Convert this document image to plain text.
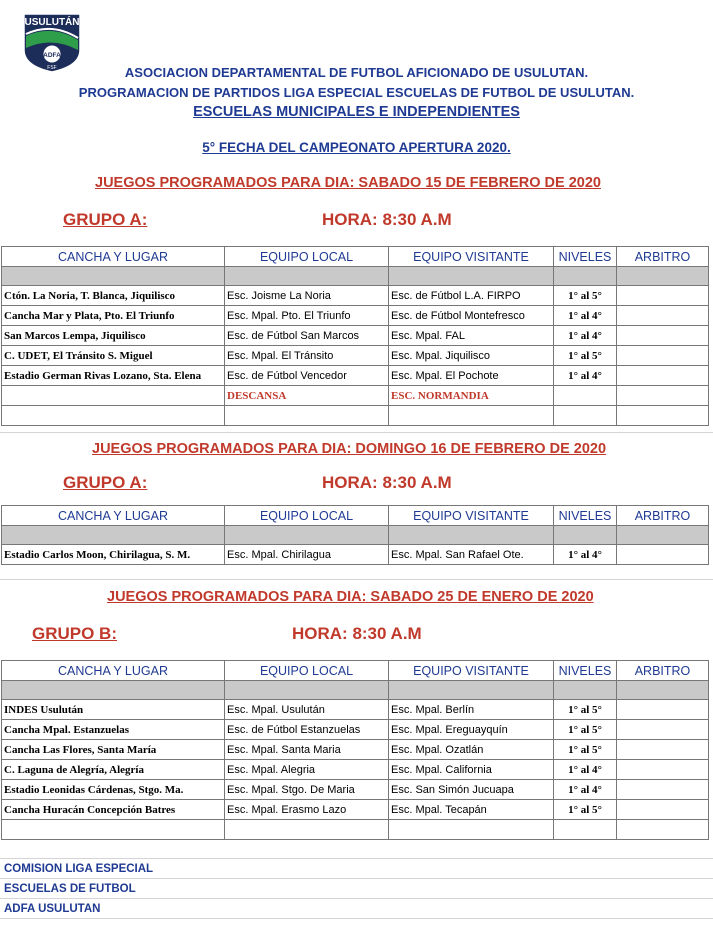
USULUTÁN
ADFA
FSF	ASOCIACION DEPARTAMENTAL DE FUTBOL AFICIONADO DE USULUTAN.
PROGRAMACION DE PARTIDOS LIGA ESPECIAL ESCUELAS DE FUTBOL DE USULUTAN.
ESCUELAS MUNICIPALES E INDEPENDIENTES
5° FECHA DEL CAMPEONATO APERTURA 2020.
JUEGOS PROGRAMADOS PARA DIA: SABADO 15 DE FEBRERO DE 2020
GRUPO A:	HORA: 8:30 A.M
CANCHA Y LUGAR	EQUIPO LOCAL	EQUIPO VISITANTE	NIVELES	ARBITRO

Ctón. La Noria, T. Blanca, Jiquilisco	Esc. Joisme La Noria	Esc. de Fútbol L.A. FIRPO	1° al 5°	
Cancha Mar y Plata, Pto. El Triunfo	Esc. Mpal. Pto. El Triunfo	Esc. de Fútbol Montefresco	1° al 4°	
San Marcos Lempa, Jiquilisco	Esc. de Fútbol San Marcos	Esc. Mpal. FAL	1° al 4°	
C. UDET, El Tránsito S. Miguel	Esc. Mpal. El Tránsito	Esc. Mpal. Jiquilisco	1° al 5°	
Estadio German Rivas Lozano, Sta. Elena	Esc. de Fútbol Vencedor	Esc. Mpal. El Pochote	1° al 4°	
	DESCANSA	ESC. NORMANDIA		

JUEGOS PROGRAMADOS PARA DIA: DOMINGO 16 DE FEBRERO DE 2020
GRUPO A:	HORA: 8:30 A.M
CANCHA Y LUGAR	EQUIPO LOCAL	EQUIPO VISITANTE	NIVELES	ARBITRO

Estadio Carlos Moon, Chirilagua, S. M.	Esc. Mpal. Chirilagua	Esc. Mpal. San Rafael Ote.	1° al 4°	
JUEGOS PROGRAMADOS PARA DIA: SABADO 25 DE ENERO DE 2020
GRUPO B:	HORA: 8:30 A.M
CANCHA Y LUGAR	EQUIPO LOCAL	EQUIPO VISITANTE	NIVELES	ARBITRO

INDES Usulután	Esc. Mpal. Usulután	Esc. Mpal. Berlín	1° al 5°	
Cancha Mpal. Estanzuelas	Esc. de Fútbol Estanzuelas	Esc. Mpal. Ereguayquín	1° al 5°	
Cancha Las Flores, Santa María	Esc. Mpal. Santa Maria	Esc. Mpal. Ozatlán	1° al 5°	
C. Laguna de Alegría, Alegría	Esc. Mpal. Alegria	Esc. Mpal. California	1° al 4°	
Estadio Leonidas Cárdenas, Stgo. Ma.	Esc. Mpal. Stgo. De Maria	Esc. San Simón Jucuapa	1° al 4°	
Cancha Huracán Concepción Batres	Esc. Mpal. Erasmo Lazo	Esc. Mpal. Tecapán	1° al 5°	

COMISION LIGA ESPECIAL
ESCUELAS DE FUTBOL
ADFA USULUTAN
